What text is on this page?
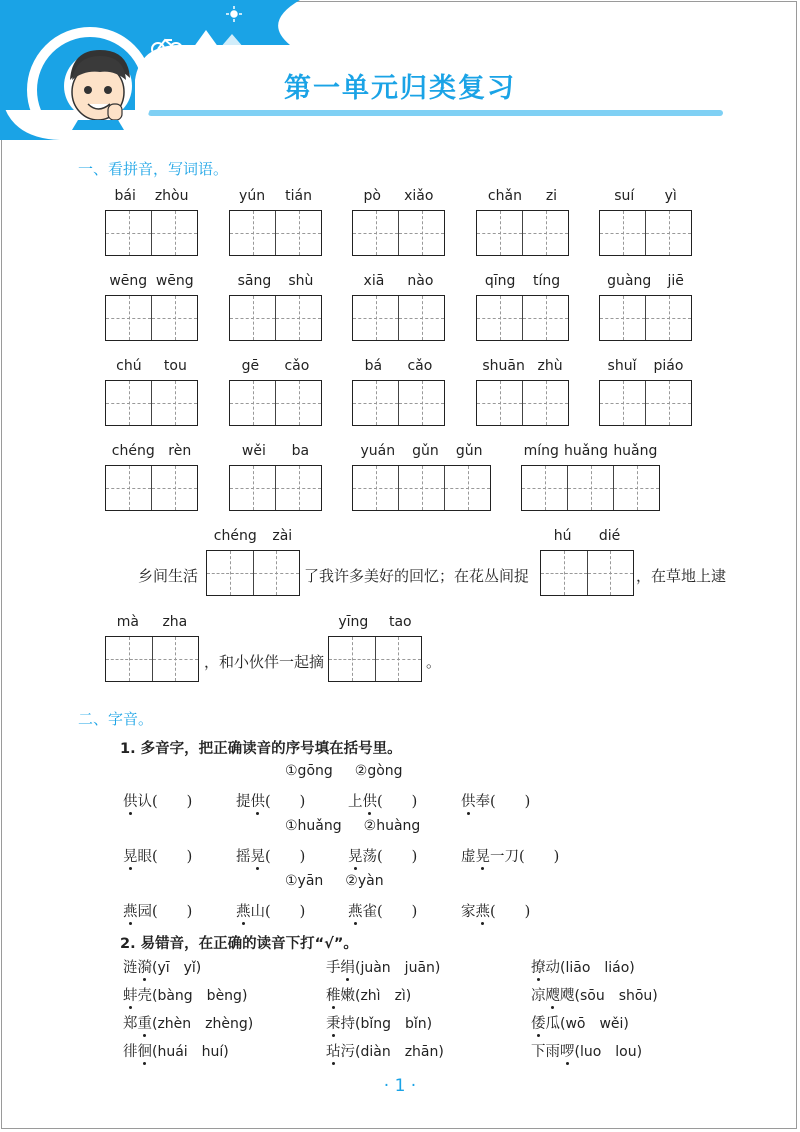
第一单元归类复习
一、看拼音，写词语。
bái zhòu	yún tián	pò xiǎo	chǎn zi	suí yì
wēng wēng	sāng shù	xiā nào	qīng tíng	guàng jiē
chú tou	gē cǎo	bá cǎo	shuān zhù	shuǐ piáo
chéng rèn	wěi ba	yuán gǔn gǔn	míng huǎng huǎng
乡间生活
chéng zài
了我许多美好的回忆；在花丛间捉
hú dié
，在草地上逮
mà zha
，和小伙伴一起摘
yīng tao
。
二、字音。
1. 多音字，把正确读音的序号填在括号里。
①gōng ②gòng
供认(　　)	提供(　　)	上供(　　)	供奉(　　)
①huǎng ②huàng
晃眼(　　)	摇晃(　　)	晃荡(　　)	虚晃一刀(　　)
①yān ②yàn
燕园(　　)	燕山(　　)	燕雀(　　)	家燕(　　)
2. 易错音，在正确的读音下打“√”。
涟漪(yī　yǐ)	手绢(juàn　juān)	撩动(liāo　liáo)
蚌壳(bàng　bèng)	稚嫩(zhì　zì)	凉飕飕(sōu　shōu)
郑重(zhèn　zhèng)	秉持(bǐng　bǐn)	倭瓜(wō　wěi)
徘徊(huái　huí)	玷污(diàn　zhān)	下雨啰(luo　lou)
· 1 ·
